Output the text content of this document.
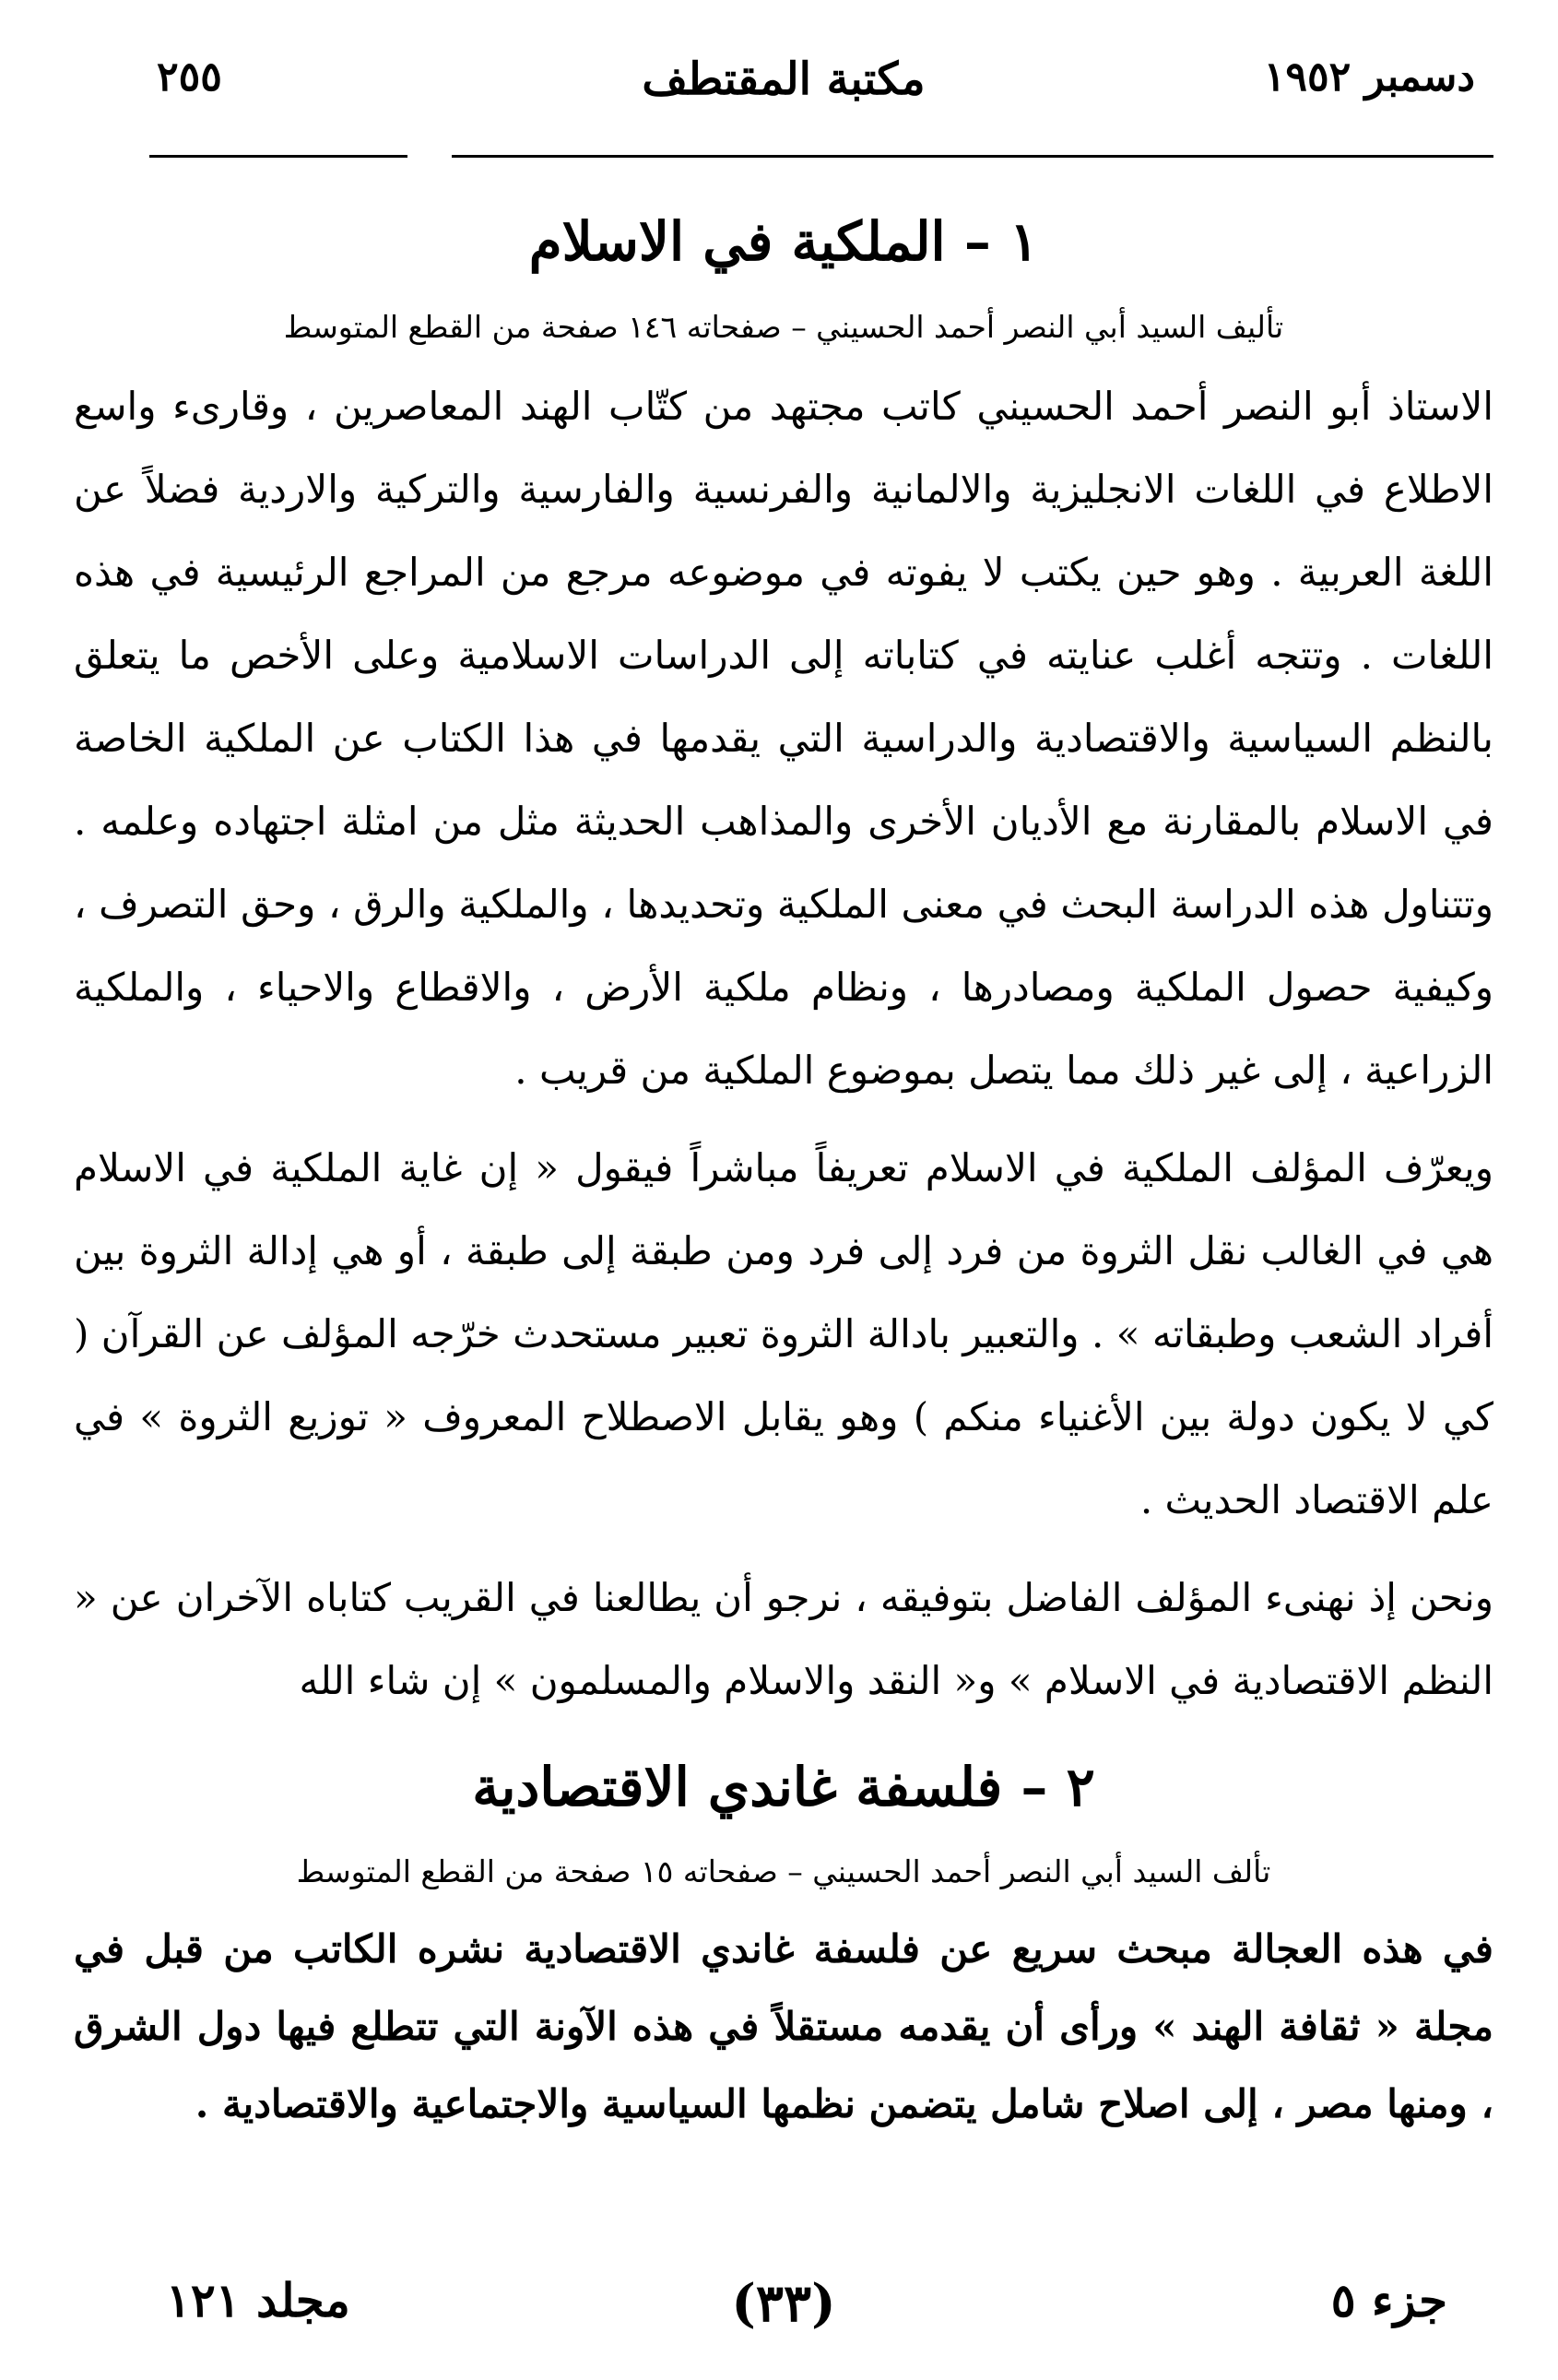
دسمبر ١٩٥٢
مكتبة المقتطف
٢٥٥
١ – الملكية في الاسلام

تأليف السيد أبي النصر أحمد الحسيني – صفحاته ١٤٦ صفحة من القطع المتوسط

الاستاذ أبو النصر أحمد الحسيني كاتب مجتهد من كتّاب الهند المعاصرين ، وقارىء واسع الاطلاع في اللغات الانجليزية والالمانية والفرنسية والفارسية والتركية والاردية فضلاً عن اللغة العربية . وهو حين يكتب لا يفوته في موضوعه مرجع من المراجع الرئيسية في هذه اللغات . وتتجه أغلب عنايته في كتاباته إلى الدراسات الاسلامية وعلى الأخص ما يتعلق بالنظم السياسية والاقتصادية والدراسية التي يقدمها في هذا الكتاب عن الملكية الخاصة في الاسلام بالمقارنة مع الأديان الأخرى والمذاهب الحديثة مثل من امثلة اجتهاده وعلمه . وتتناول هذه الدراسة البحث في معنى الملكية وتحديدها ، والملكية والرق ، وحق التصرف ، وكيفية حصول الملكية ومصادرها ، ونظام ملكية الأرض ، والاقطاع والاحياء ، والملكية الزراعية ، إلى غير ذلك مما يتصل بموضوع الملكية من قريب .

ويعرّف المؤلف الملكية في الاسلام تعريفاً مباشراً فيقول « إن غاية الملكية في الاسلام هي في الغالب نقل الثروة من فرد إلى فرد ومن طبقة إلى طبقة ، أو هي إدالة الثروة بين أفراد الشعب وطبقاته » . والتعبير بادالة الثروة تعبير مستحدث خرّجه المؤلف عن القرآن ( كي لا يكون دولة بين الأغنياء منكم ) وهو يقابل الاصطلاح المعروف « توزيع الثروة » في علم الاقتصاد الحديث .

ونحن إذ نهنىء المؤلف الفاضل بتوفيقه ، نرجو أن يطالعنا في القريب كتاباه الآخران عن « النظم الاقتصادية في الاسلام » و« النقد والاسلام والمسلمون » إن شاء الله

٢ – فلسفة غاندي الاقتصادية

تألف السيد أبي النصر أحمد الحسيني – صفحاته ١٥ صفحة من القطع المتوسط

في هذه العجالة مبحث سريع عن فلسفة غاندي الاقتصادية نشره الكاتب من قبل في مجلة « ثقافة الهند » ورأى أن يقدمه مستقلاً في هذه الآونة التي تتطلع فيها دول الشرق ، ومنها مصر ، إلى اصلاح شامل يتضمن نظمها السياسية والاجتماعية والاقتصادية .

جزء ٥
(٣٣)
مجلد ١٢١
